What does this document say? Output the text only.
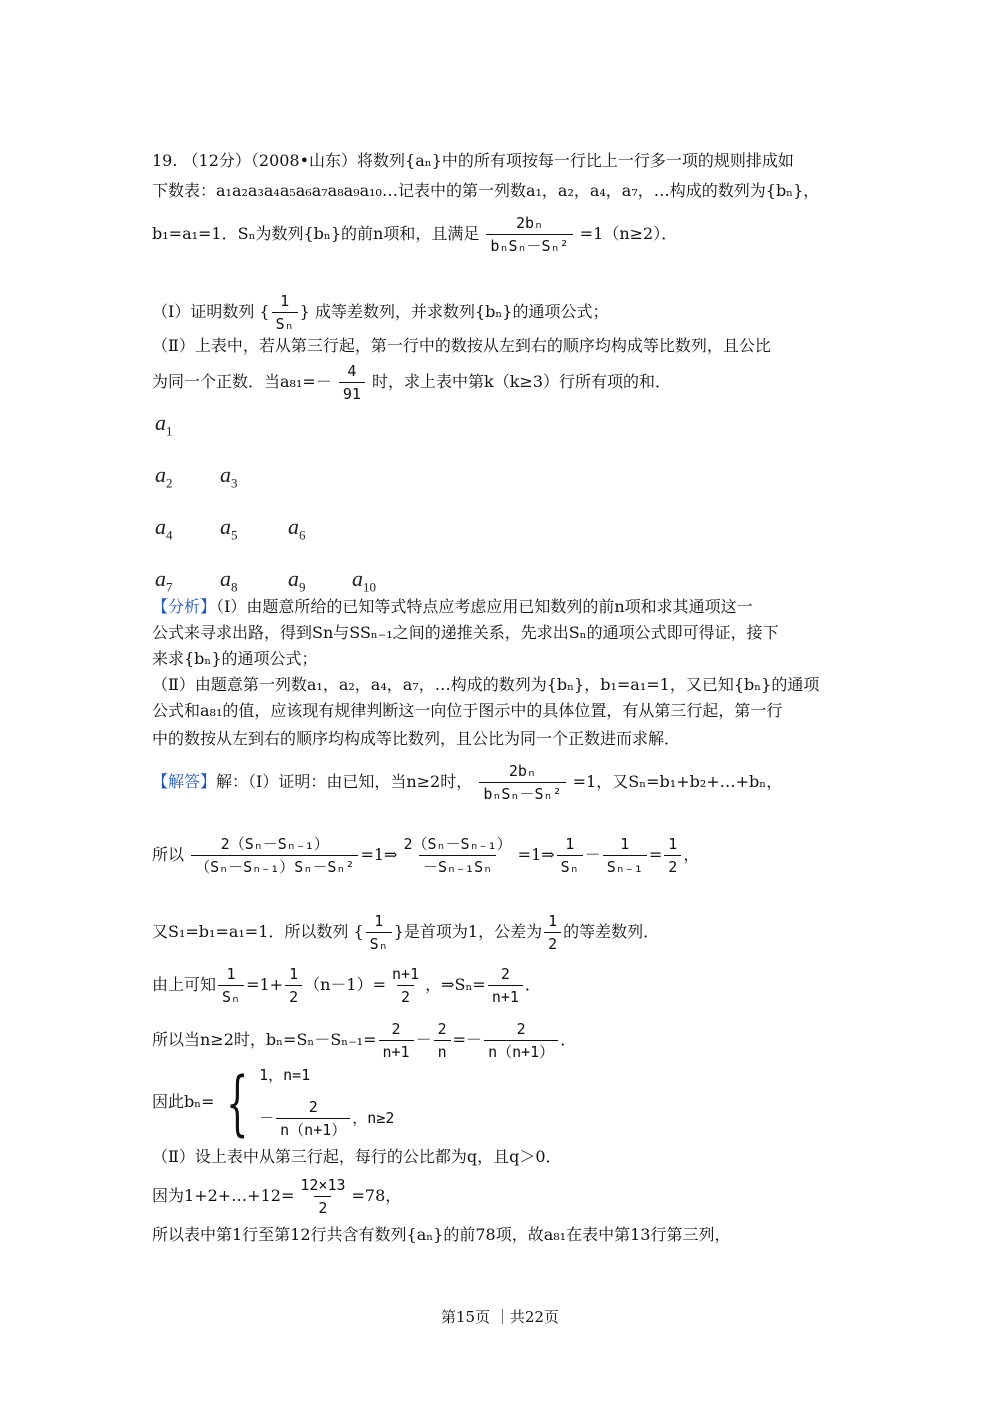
19. （12分）（2008•山东）将数列{aₙ}中的所有项按每一行比上一行多一项的规则排成如
下数表：a₁a₂a₃a₄a₅a₆a₇a₈a₉a₁₀…记表中的第一列数a₁，a₂，a₄，a₇，…构成的数列为{bₙ}，
b₁=a₁=1．Sₙ为数列{bₙ}的前n项和，且满足 $\frac{\text{2bₙ}}{\text{bₙSₙ－Sₙ²}} =1(n\ge 2)$．
（Ⅰ）证明数列 { $\frac{1}{\text{Sₙ}}$ } 成等差数列，并求数列{bₙ}的通项公式；
（Ⅱ）上表中，若从第三行起，第一行中的数按从左到右的顺序均构成等比数列，且公比
为同一个正数．当$a_{81}=- \frac{4}{91}$ 时，求上表中第k（k≥3）行所有项的和．
$a_1$
$a_2$ $a_3$
$a_4$ $a_5$ $a_6$
$a_7$ $a_8$ $a_9$ $a_{10}$
【分析】（Ⅰ）由题意所给的已知等式特点应考虑应用已知数列的前n项和求其通项这一
公式来寻求出路，得到Sn与SSₙ₋₁之间的递推关系，先求出Sₙ的通项公式即可得证，接下
来求{bₙ}的通项公式；
（Ⅱ）由题意第一列数a₁，a₂，a₄，a₇，…构成的数列为{bₙ}，b₁=a₁=1，又已知{bₙ}的通项
公式和a₈₁的值，应该现有规律判断这一向位于图示中的具体位置，有从第三行起，第一行
中的数按从左到右的顺序均构成等比数列，且公比为同一个正数进而求解．
【解答】解：（Ⅰ）证明：由已知，当n≥2时， $\frac{\text{2bₙ}}{\text{bₙSₙ－Sₙ²}} =1$，又Sₙ=b₁+b₂+…+bₙ，
所以 $\frac{\text{2（Sₙ－Sₙ₋₁）}}{\text{（Sₙ－Sₙ₋₁）Sₙ－Sₙ²}}$ =1⇒ $\frac{\text{2（Sₙ－Sₙ₋₁）}}{\text{－Sₙ₋₁Sₙ}}$ =1⇒ $\frac{1}{\text{Sₙ}} - \frac{1}{\text{Sₙ₋₁}} = \frac{1}{2}$ ，
又S₁=b₁=a₁=1．所以数列 { $\frac{1}{\text{Sₙ}}$ }是首项为1，公差为 $\frac{1}{2}$ 的等差数列．
由上可知 $\frac{1}{\text{Sₙ}} =1+ \frac{1}{2} (n-1)= \frac{n+1}{2}$ ，⇒Sₙ= $\frac{2}{n+1}$ ．
所以当n≥2时，$b_n=S_n-S_{n-1}= \frac{2}{n+1} - \frac{2}{n} =- \frac{2}{n(n+1)}$ ．
因此bₙ= { 1，n=1
－ $\frac{2}{n(n+1)}$ ，n≥2
（Ⅱ）设上表中从第三行起，每行的公比都为q，且q＞0．
因为1+2+…+12= $\frac{12\times 13}{2} =78$，
所以表中第1行至第12行共含有数列{aₙ}的前78项，故a₈₁在表中第13行第三列，
第15页 ｜共22页
